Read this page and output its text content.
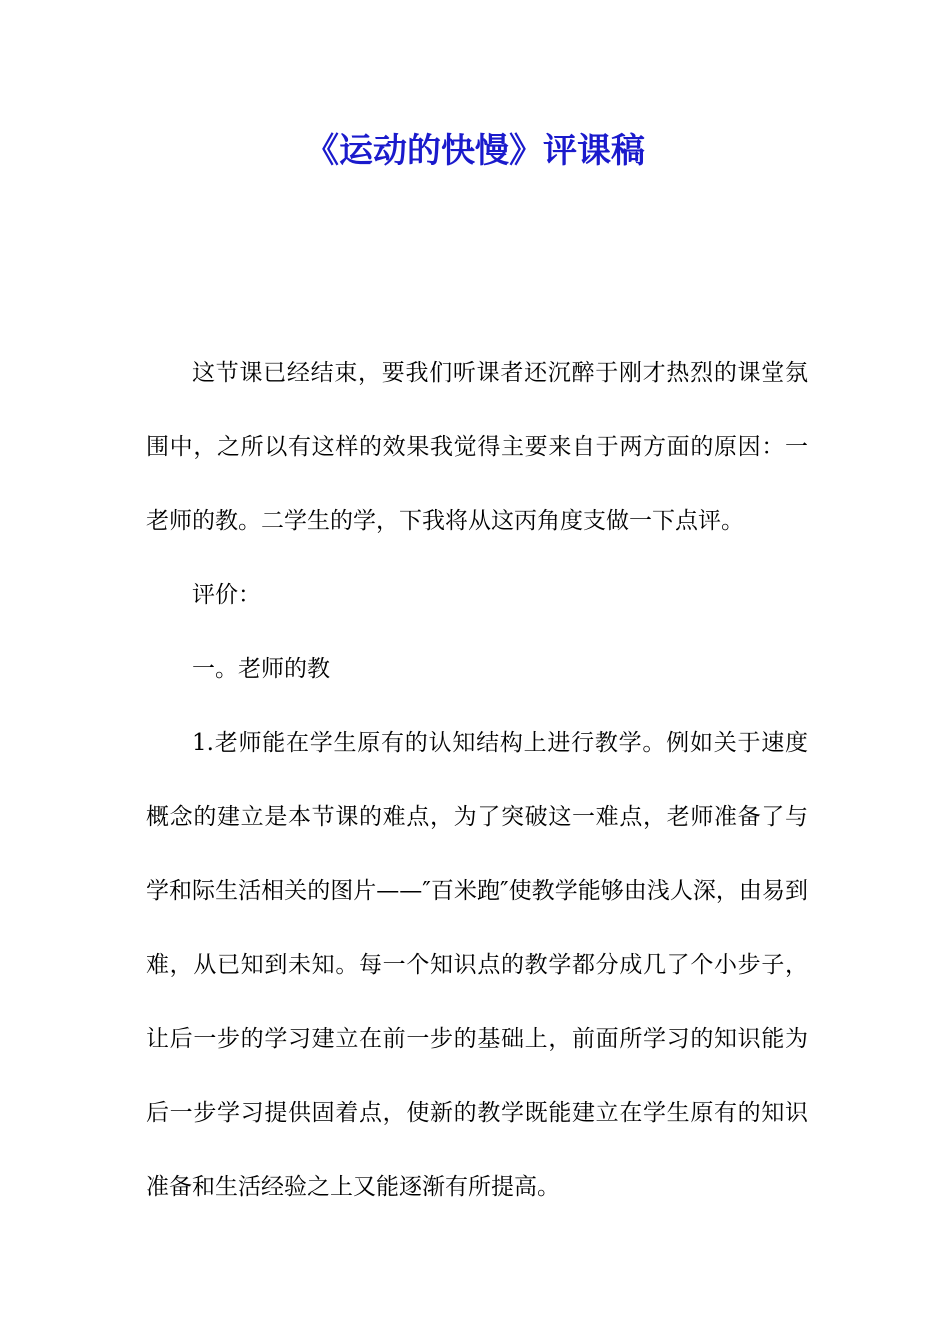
《运动的快慢》评课稿

这节课已经结束，要我们听课者还沉醉于刚才热烈的课堂氛围中，之所以有这样的效果我觉得主要来自于两方面的原因：一老师的教。二学生的学，下我将从这丙角度支做一下点评。

评价：

一。老师的教

1.老师能在学生原有的认知结构上进行教学。例如关于速度概念的建立是本节课的难点，为了突破这一难点，老师准备了与学和际生活相关的图片——″百米跑″使教学能够由浅人深，由易到难，从已知到未知。每一个知识点的教学都分成几了个小步子，让后一步的学习建立在前一步的基础上，前面所学习的知识能为后一步学习提供固着点，使新的教学既能建立在学生原有的知识准备和生活经验之上又能逐渐有所提高。
